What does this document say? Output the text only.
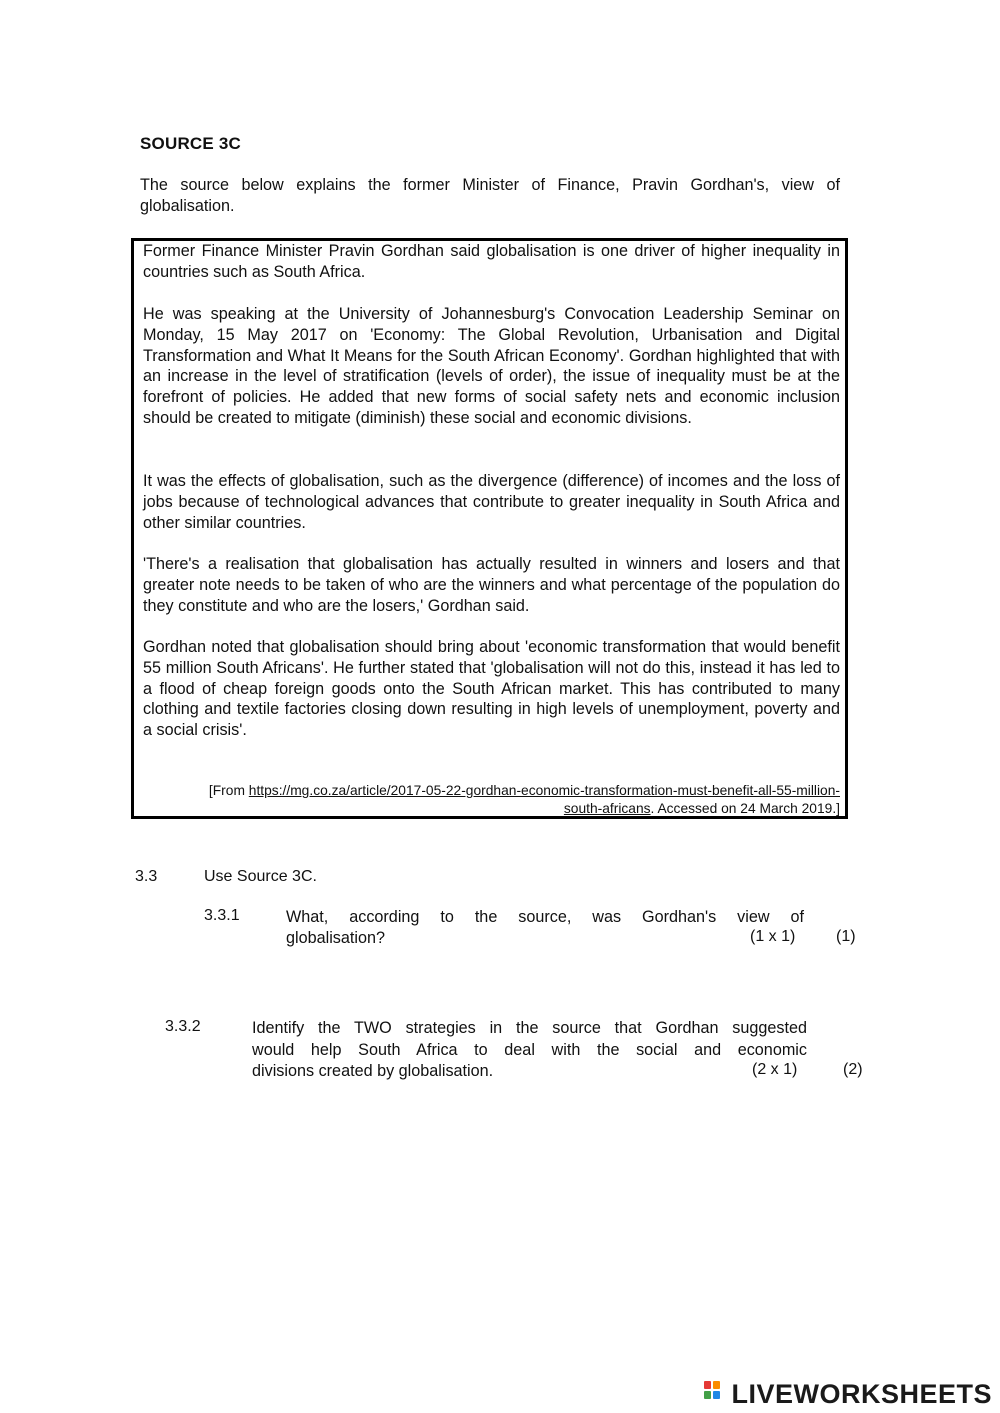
SOURCE 3C
The source below explains the former Minister of Finance, Pravin Gordhan's, view of globalisation.

Former Finance Minister Pravin Gordhan said globalisation is one driver of higher inequality in countries such as South Africa.

He was speaking at the University of Johannesburg's Convocation Leadership Seminar on Monday, 15 May 2017 on 'Economy: The Global Revolution, Urbanisation and Digital Transformation and What It Means for the South African Economy'. Gordhan highlighted that with an increase in the level of stratification (levels of order), the issue of inequality must be at the forefront of policies. He added that new forms of social safety nets and economic inclusion should be created to mitigate (diminish) these social and economic divisions.

It was the effects of globalisation, such as the divergence (difference) of incomes and the loss of jobs because of technological advances that contribute to greater inequality in South Africa and other similar countries.

'There's a realisation that globalisation has actually resulted in winners and losers and that greater note needs to be taken of who are the winners and what percentage of the population do they constitute and who are the losers,' Gordhan said.

Gordhan noted that globalisation should bring about 'economic transformation that would benefit 55 million South Africans'. He further stated that 'globalisation will not do this, instead it has led to a flood of cheap foreign goods onto the South African market. This has contributed to many clothing and textile factories closing down resulting in high levels of unemployment, poverty and a social crisis'.

[From https://mg.co.za/article/2017-05-22-gordhan-economic-transformation-must-benefit-all-55-million-
south-africans. Accessed on 24 March 2019.]
3.3	Use Source 3C.
3.3.1	What, according to the source, was Gordhan's view of
globalisation?	(1 x 1)	(1)
3.3.2	Identify the TWO strategies in the source that Gordhan suggested
would help South Africa to deal with the social and economic
divisions created by globalisation.	(2 x 1)	(2)
LIVEWORKSHEETS
